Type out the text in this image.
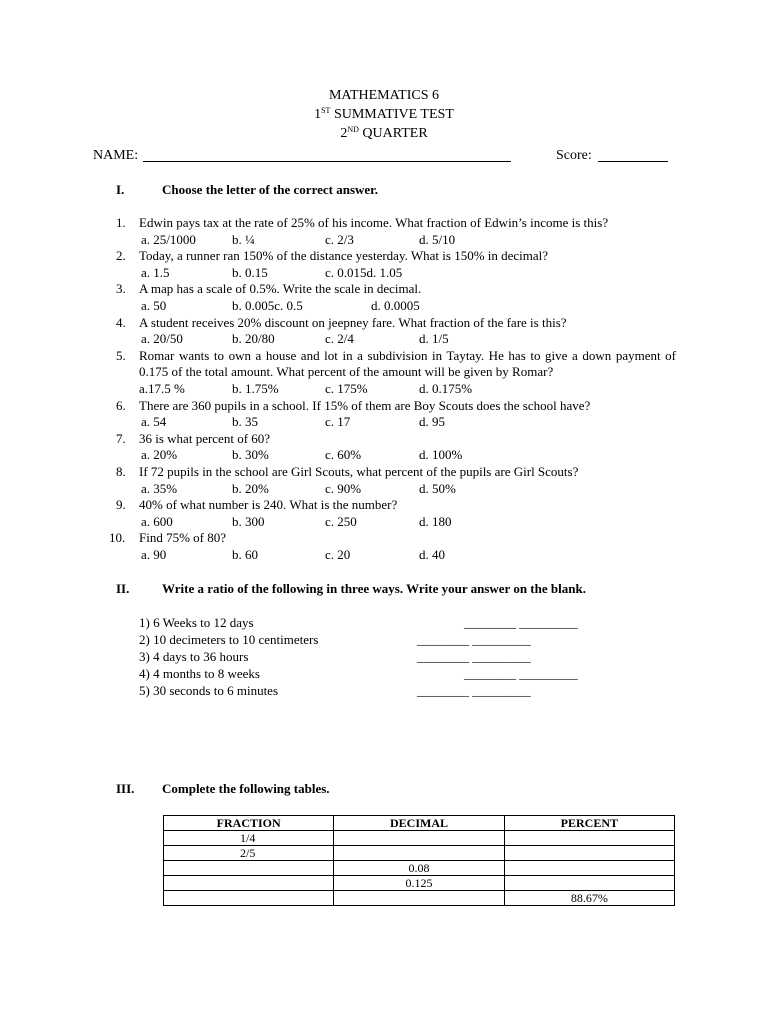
MATHEMATICS 6
1ST SUMMATIVE TEST
2ND QUARTER
NAME:	Score:
I.	Choose the letter of the correct answer.
1.	Edwin pays tax at the rate of 25% of his income. What fraction of Edwin’s income is this?
a. 25/1000	b. ¼	c. 2/3	d. 5/10
2.	Today, a runner ran 150% of the distance yesterday. What is 150% in decimal?
a. 1.5	b. 0.15	c. 0.015d. 1.05
3.	A map has a scale of 0.5%. Write the scale in decimal.
a. 50	b. 0.005c. 0.5	d. 0.0005
4.	A student receives 20% discount on jeepney fare. What fraction of the fare is this?
a. 20/50	b. 20/80	c. 2/4	d. 1/5
5.	Romar wants to own a house and lot in a subdivision in Taytay. He has to give a down payment of 0.175 of the total amount. What percent of the amount will be given by Romar?
a.17.5 %	b. 1.75%	c. 175%	d. 0.175%
6.	There are 360 pupils in a school. If 15% of them are Boy Scouts does the school have?
a. 54	b. 35	c. 17	d. 95
7.	36 is what percent of 60?
a. 20%	b. 30%	c. 60%	d. 100%
8.	If 72 pupils in the school are Girl Scouts, what percent of the pupils are Girl Scouts?
a. 35%	b. 20%	c. 90%	d. 50%
9.	40% of what number is 240. What is the number?
a. 600	b. 300	c. 250	d. 180
10.	Find 75% of 80?
a. 90	b. 60	c. 20	d. 40
II.	Write a ratio of the following in three ways. Write your answer on the blank.
1) 6 Weeks to 12 days	________ _________
2) 10 decimeters to 10 centimeters	________ _________
3) 4 days to 36 hours	________ _________
4) 4 months to 8 weeks	________ _________
5) 30 seconds to 6 minutes	________ _________
III. Complete the following tables.
FRACTION	DECIMAL	PERCENT
1/4		
2/5		
	0.08	
	0.125	
		88.67%
